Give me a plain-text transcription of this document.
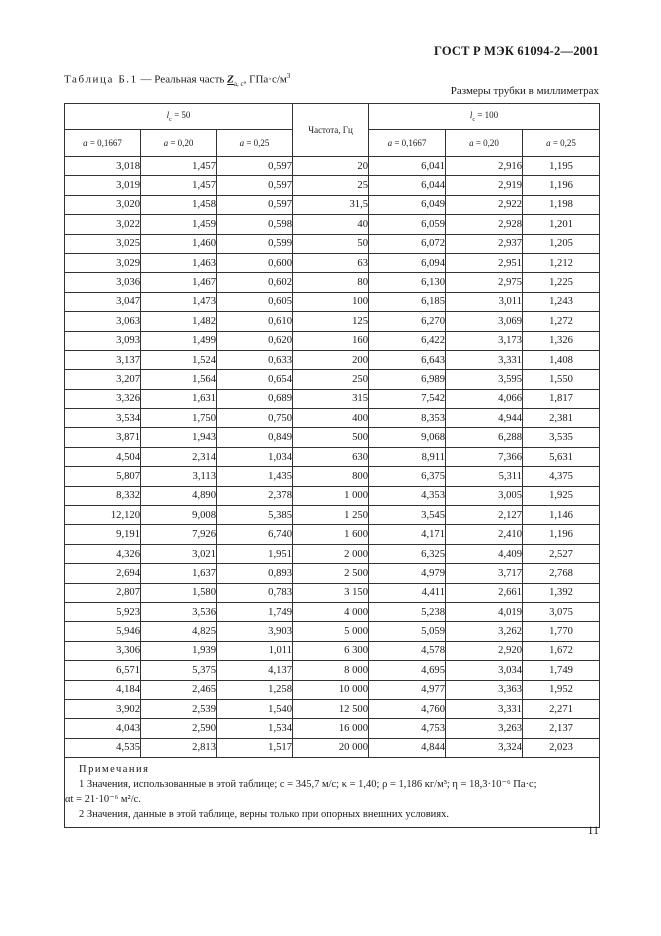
ГОСТ Р МЭК 61094-2—2001
Таблица Б.1 — Реальная часть $Z_{a, c}$, $ГПа\cdot с/м^3$
Размеры трубки в миллиметрах
$l_c = 50$			Частота, Гц	$l_c = 100$		
a = 0,1667	a = 0,20	a = 0,25		a = 0,1667	a = 0,20	a = 0,25
3,018	1,457	0,597	20	6,041	2,916	1,195
3,019	1,457	0,597	25	6,044	2,919	1,196
3,020	1,458	0,597	31,5	6,049	2,922	1,198
3,022	1,459	0,598	40	6,059	2,928	1,201
3,025	1,460	0,599	50	6,072	2,937	1,205
3,029	1,463	0,600	63	6,094	2,951	1,212
3,036	1,467	0,602	80	6,130	2,975	1,225
3,047	1,473	0,605	100	6,185	3,011	1,243
3,063	1,482	0,610	125	6,270	3,069	1,272
3,093	1,499	0,620	160	6,422	3,173	1,326
3,137	1,524	0,633	200	6,643	3,331	1,408
3,207	1,564	0,654	250	6,989	3,595	1,550
3,326	1,631	0,689	315	7,542	4,066	1,817
3,534	1,750	0,750	400	8,353	4,944	2,381
3,871	1,943	0,849	500	9,068	6,288	3,535
4,504	2,314	1,034	630	8,911	7,366	5,631
5,807	3,113	1,435	800	6,375	5,311	4,375
8,332	4,890	2,378	1 000	4,353	3,005	1,925
12,120	9,008	5,385	1 250	3,545	2,127	1,146
9,191	7,926	6,740	1 600	4,171	2,410	1,196
4,326	3,021	1,951	2 000	6,325	4,409	2,527
2,694	1,637	0,893	2 500	4,979	3,717	2,768
2,807	1,580	0,783	3 150	4,411	2,661	1,392
5,923	3,536	1,749	4 000	5,238	4,019	3,075
5,946	4,825	3,903	5 000	5,059	3,262	1,770
3,306	1,939	1,011	6 300	4,578	2,920	1,672
6,571	5,375	4,137	8 000	4,695	3,034	1,749
4,184	2,465	1,258	10 000	4,977	3,363	1,952
3,902	2,539	1,540	12 500	4,760	3,331	2,271
4,043	2,590	1,534	16 000	4,753	3,263	2,137
4,535	2,813	1,517	20 000	4,844	3,324	2,023

Примечания
1 Значения, использованные в этой таблице; c = 345,7 м/с; κ = 1,40; ρ = 1,186 кг/м³; η = 18,3·10⁻⁶ Па·с;
αt = 21·10⁻⁶ м²/с.
2 Значения, данные в этой таблице, верны только при опорных внешних условиях.						
11
